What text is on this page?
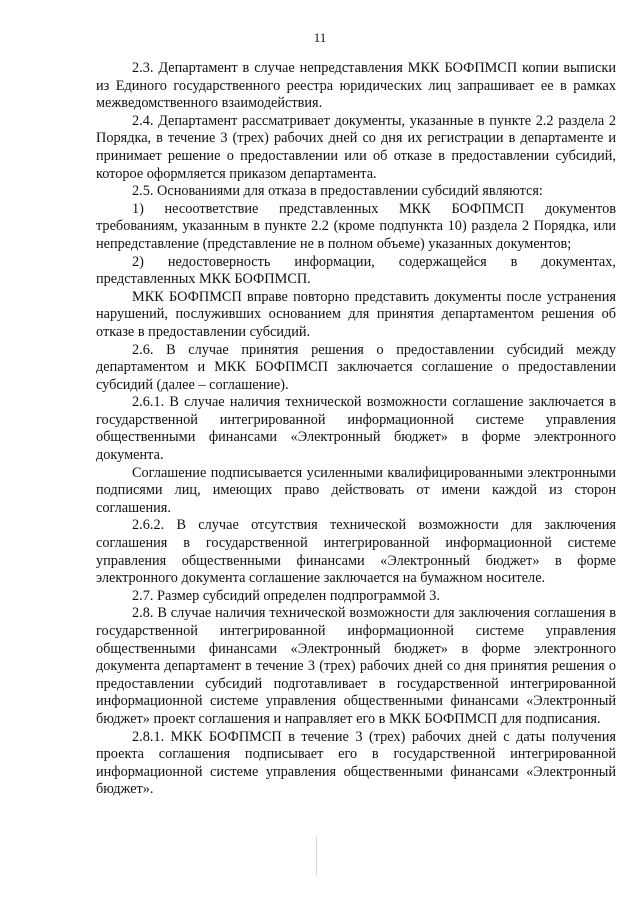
11

2.3. Департамент в случае непредставления МКК БОФПМСП копии выписки из Единого государственного реестра юридических лиц запрашивает ее в рамках межведомственного взаимодействия.

2.4. Департамент рассматривает документы, указанные в пункте 2.2 раздела 2 Порядка, в течение 3 (трех) рабочих дней со дня их регистрации в департаменте и принимает решение о предоставлении или об отказе в предоставлении субсидий, которое оформляется приказом департамента.

2.5. Основаниями для отказа в предоставлении субсидий являются:

1) несоответствие представленных МКК БОФПМСП документов требованиям, указанным в пункте 2.2 (кроме подпункта 10) раздела 2 Порядка, или непредставление (представление не в полном объеме) указанных документов;

2) недостоверность информации, содержащейся в документах, представленных МКК БОФПМСП.

МКК БОФПМСП вправе повторно представить документы после устранения нарушений, послуживших основанием для принятия департаментом решения об отказе в предоставлении субсидий.

2.6. В случае принятия решения о предоставлении субсидий между департаментом и МКК БОФПМСП заключается соглашение о предоставлении субсидий (далее – соглашение).

2.6.1. В случае наличия технической возможности соглашение заключается в государственной интегрированной информационной системе управления общественными финансами «Электронный бюджет» в форме электронного документа.

Соглашение подписывается усиленными квалифицированными электронными подписями лиц, имеющих право действовать от имени каждой из сторон соглашения.

2.6.2. В случае отсутствия технической возможности для заключения соглашения в государственной интегрированной информационной системе управления общественными финансами «Электронный бюджет» в форме электронного документа соглашение заключается на бумажном носителе.

2.7. Размер субсидий определен подпрограммой 3.

2.8. В случае наличия технической возможности для заключения соглашения в государственной интегрированной информационной системе управления общественными финансами «Электронный бюджет» в форме электронного документа департамент в течение 3 (трех) рабочих дней со дня принятия решения о предоставлении субсидий подготавливает в государственной интегрированной информационной системе управления общественными финансами «Электронный бюджет» проект соглашения и направляет его в МКК БОФПМСП для подписания.

2.8.1. МКК БОФПМСП в течение 3 (трех) рабочих дней с даты получения проекта соглашения подписывает его в государственной интегрированной информационной системе управления общественными финансами «Электронный бюджет».
